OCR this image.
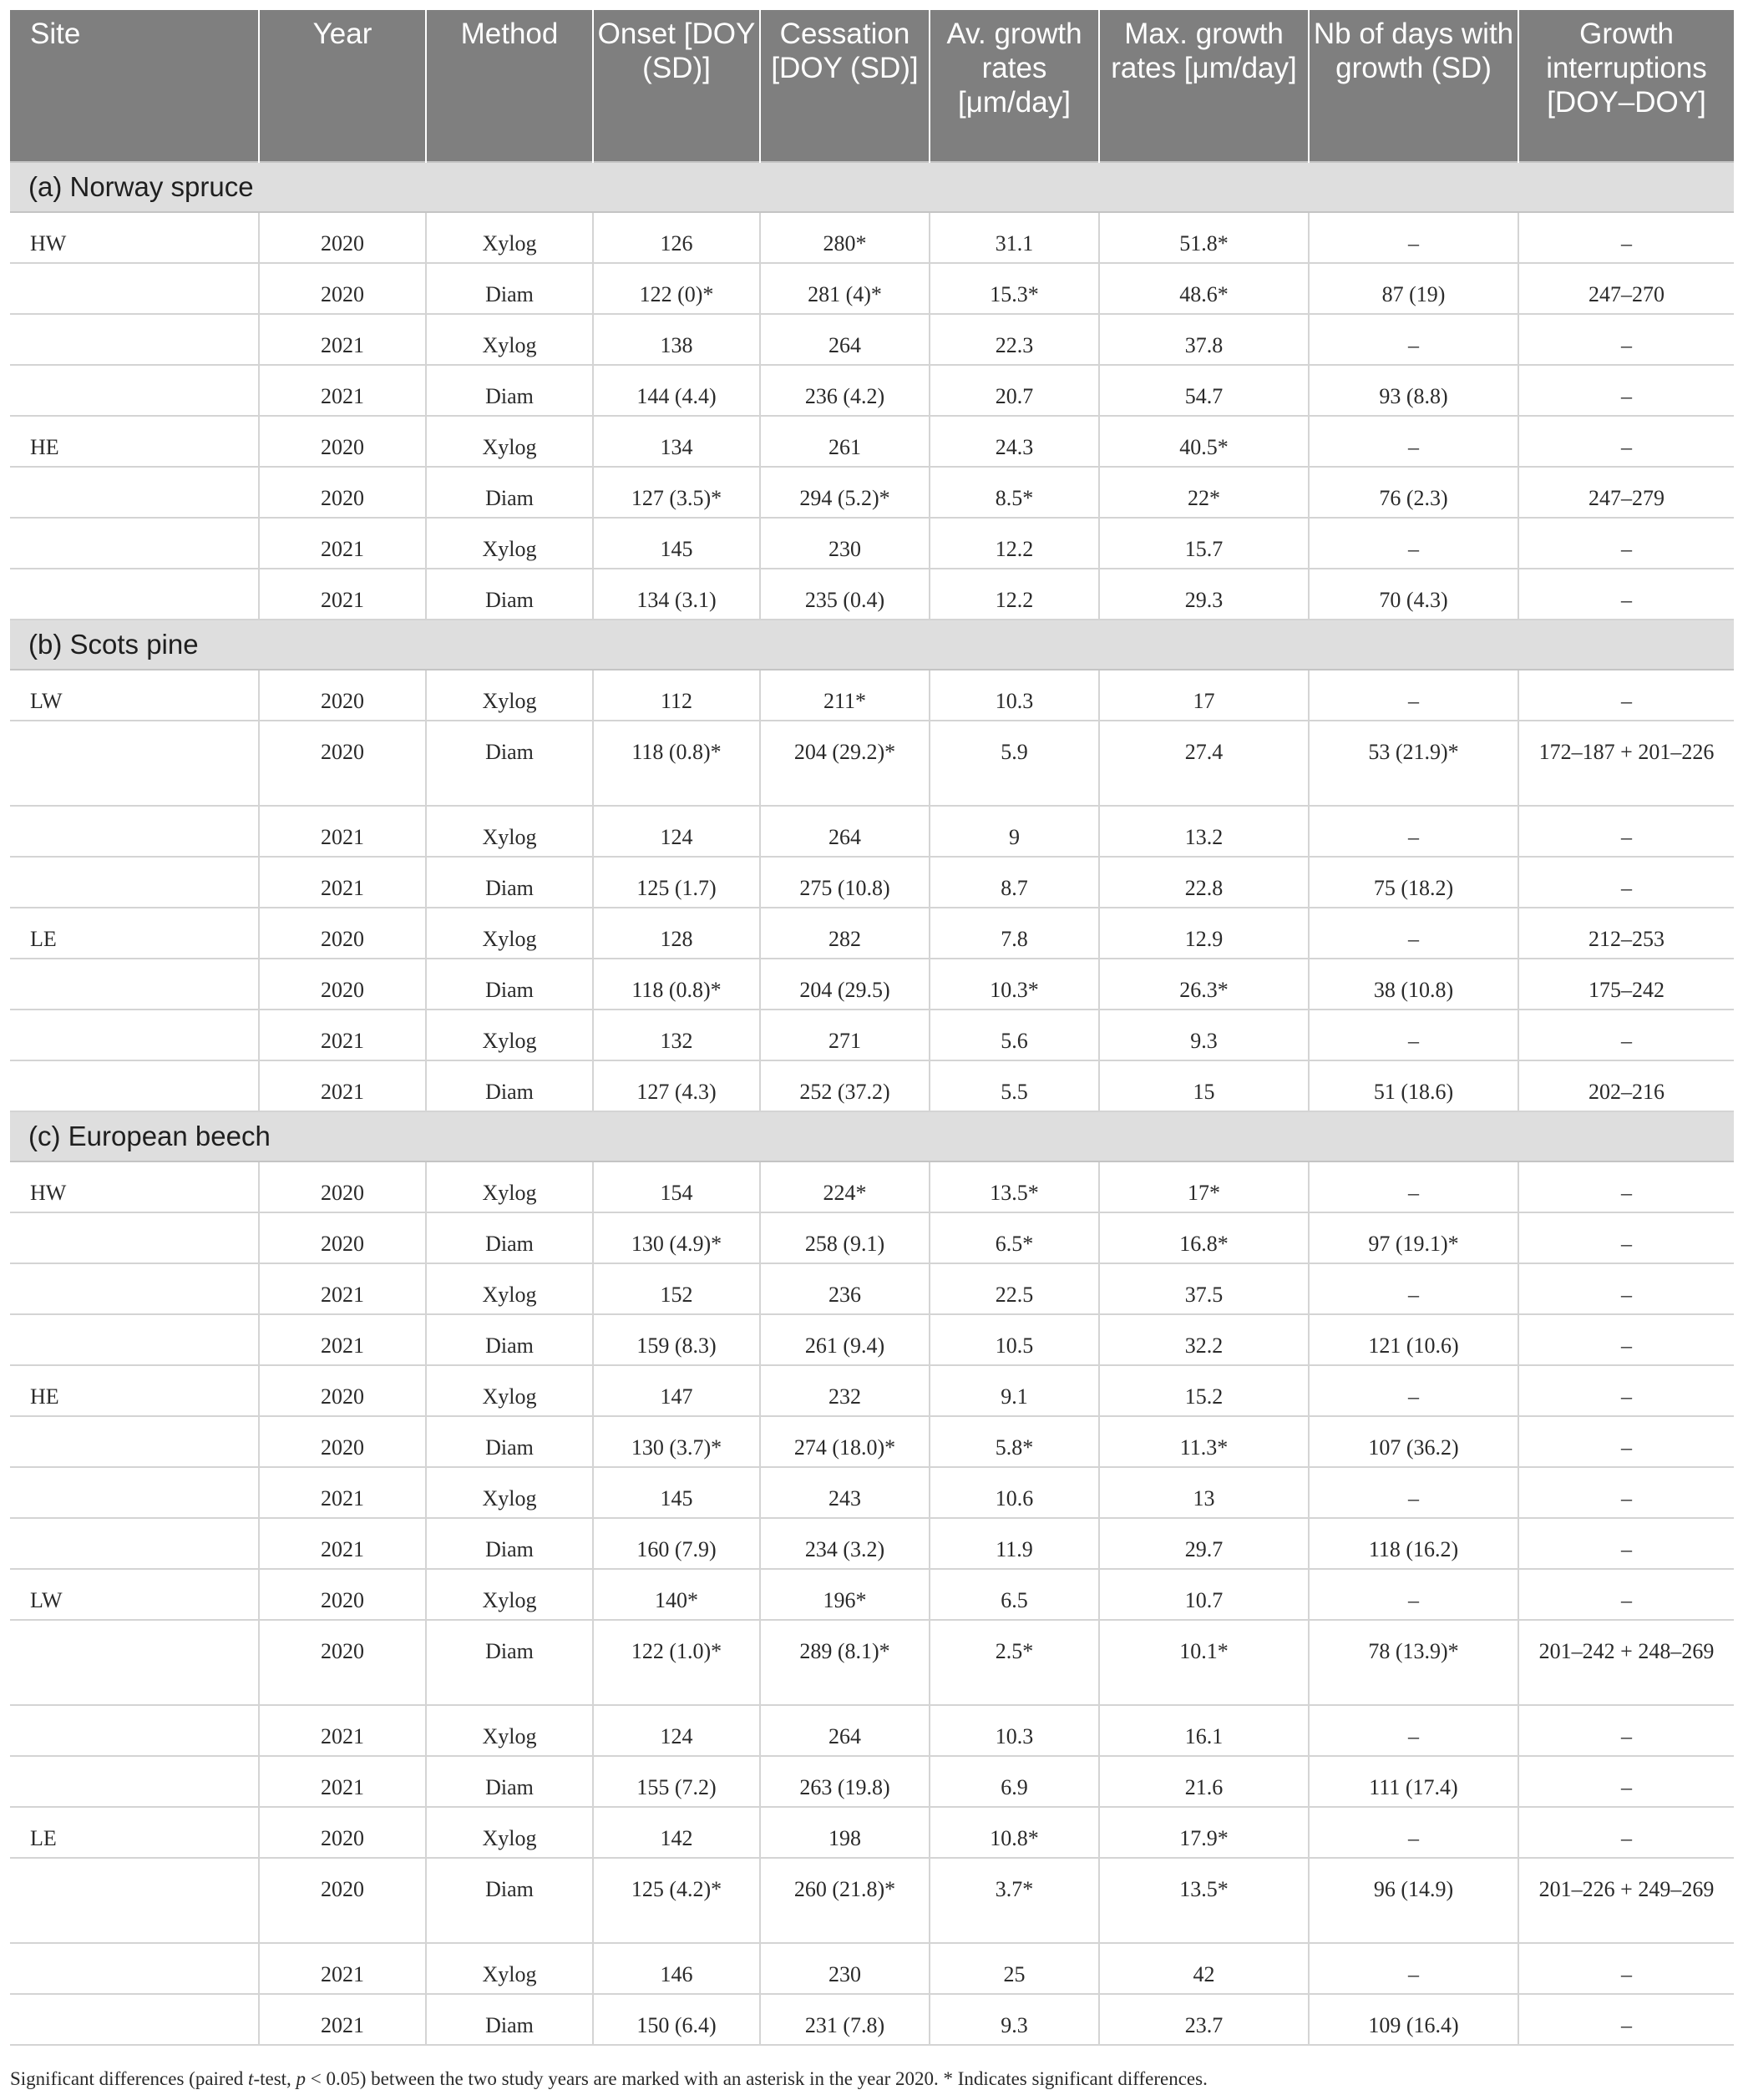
Site	Year	Method	Onset [DOY (SD)]	Cessation [DOY (SD)]	Av. growth rates [μm/day]	Max. growth rates [μm/day]	Nb of days with growth (SD)	Growth interruptions [DOY–DOY]
(a) Norway spruce								
HW	2020	Xylog	126	280*	31.1	51.8*	–	–
	2020	Diam	122 (0)*	281 (4)*	15.3*	48.6*	87 (19)	247–270
	2021	Xylog	138	264	22.3	37.8	–	–
	2021	Diam	144 (4.4)	236 (4.2)	20.7	54.7	93 (8.8)	–
HE	2020	Xylog	134	261	24.3	40.5*	–	–
	2020	Diam	127 (3.5)*	294 (5.2)*	8.5*	22*	76 (2.3)	247–279
	2021	Xylog	145	230	12.2	15.7	–	–
	2021	Diam	134 (3.1)	235 (0.4)	12.2	29.3	70 (4.3)	–
(b) Scots pine								
LW	2020	Xylog	112	211*	10.3	17	–	–
	2020	Diam	118 (0.8)*	204 (29.2)*	5.9	27.4	53 (21.9)*	172–187 + 201–226
	2021	Xylog	124	264	9	13.2	–	–
	2021	Diam	125 (1.7)	275 (10.8)	8.7	22.8	75 (18.2)	–
LE	2020	Xylog	128	282	7.8	12.9	–	212–253
	2020	Diam	118 (0.8)*	204 (29.5)	10.3*	26.3*	38 (10.8)	175–242
	2021	Xylog	132	271	5.6	9.3	–	–
	2021	Diam	127 (4.3)	252 (37.2)	5.5	15	51 (18.6)	202–216
(c) European beech								
HW	2020	Xylog	154	224*	13.5*	17*	–	–
	2020	Diam	130 (4.9)*	258 (9.1)	6.5*	16.8*	97 (19.1)*	–
	2021	Xylog	152	236	22.5	37.5	–	–
	2021	Diam	159 (8.3)	261 (9.4)	10.5	32.2	121 (10.6)	–
HE	2020	Xylog	147	232	9.1	15.2	–	–
	2020	Diam	130 (3.7)*	274 (18.0)*	5.8*	11.3*	107 (36.2)	–
	2021	Xylog	145	243	10.6	13	–	–
	2021	Diam	160 (7.9)	234 (3.2)	11.9	29.7	118 (16.2)	–
LW	2020	Xylog	140*	196*	6.5	10.7	–	–
	2020	Diam	122 (1.0)*	289 (8.1)*	2.5*	10.1*	78 (13.9)*	201–242 + 248–269
	2021	Xylog	124	264	10.3	16.1	–	–
	2021	Diam	155 (7.2)	263 (19.8)	6.9	21.6	111 (17.4)	–
LE	2020	Xylog	142	198	10.8*	17.9*	–	–
	2020	Diam	125 (4.2)*	260 (21.8)*	3.7*	13.5*	96 (14.9)	201–226 + 249–269
	2021	Xylog	146	230	25	42	–	–
	2021	Diam	150 (6.4)	231 (7.8)	9.3	23.7	109 (16.4)	–
Significant differences (paired t-test, p < 0.05) between the two study years are marked with an asterisk in the year 2020. * Indicates significant differences.
